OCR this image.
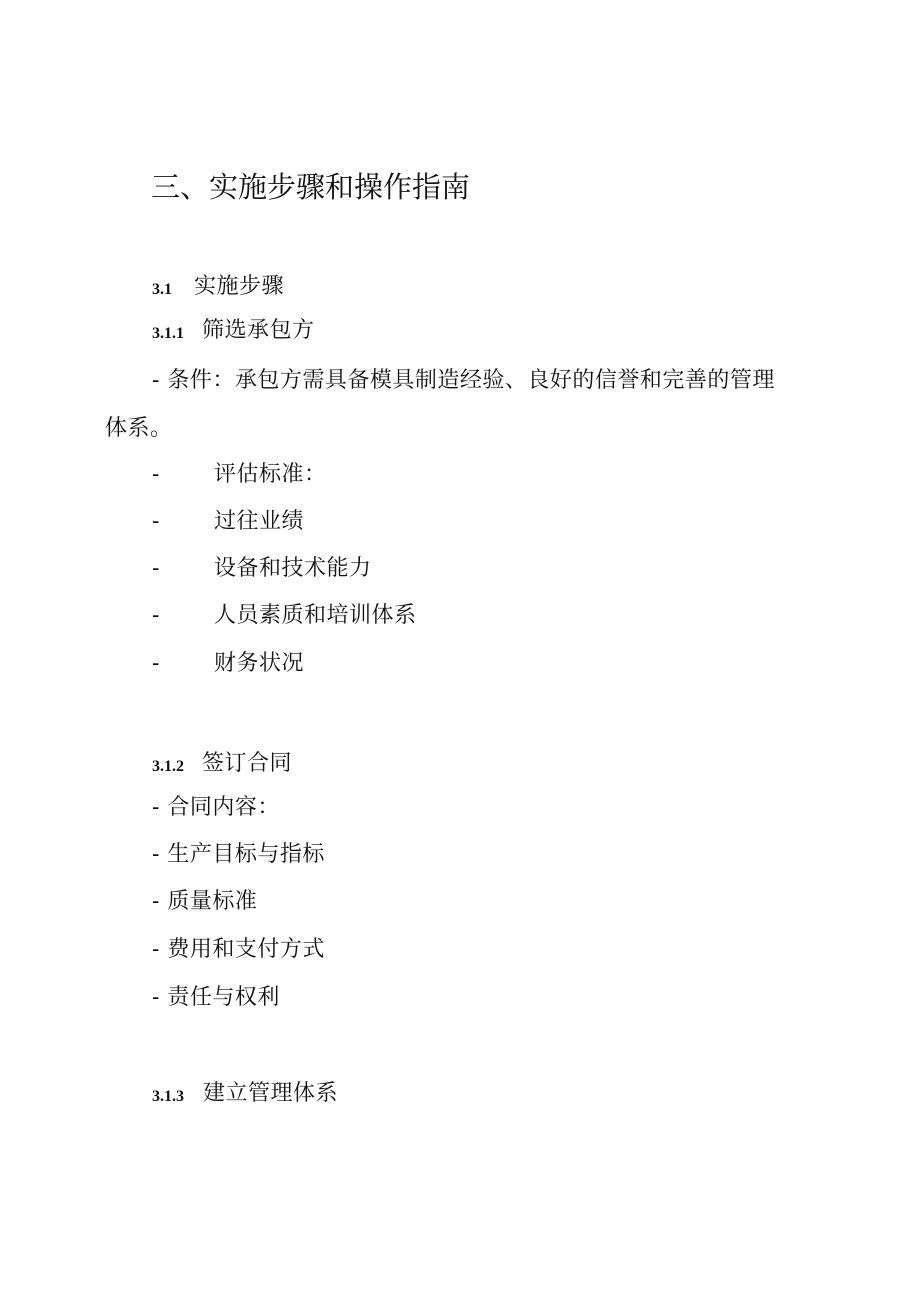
三、实施步骤和操作指南
3.1 实施步骤
3.1.1 筛选承包方
- 条件：承包方需具备模具制造经验、良好的信誉和完善的管理
体系。
- 评估标准：
- 过往业绩
- 设备和技术能力
- 人员素质和培训体系
- 财务状况
3.1.2 签订合同
- 合同内容：
- 生产目标与指标
- 质量标准
- 费用和支付方式
- 责任与权利
3.1.3 建立管理体系
